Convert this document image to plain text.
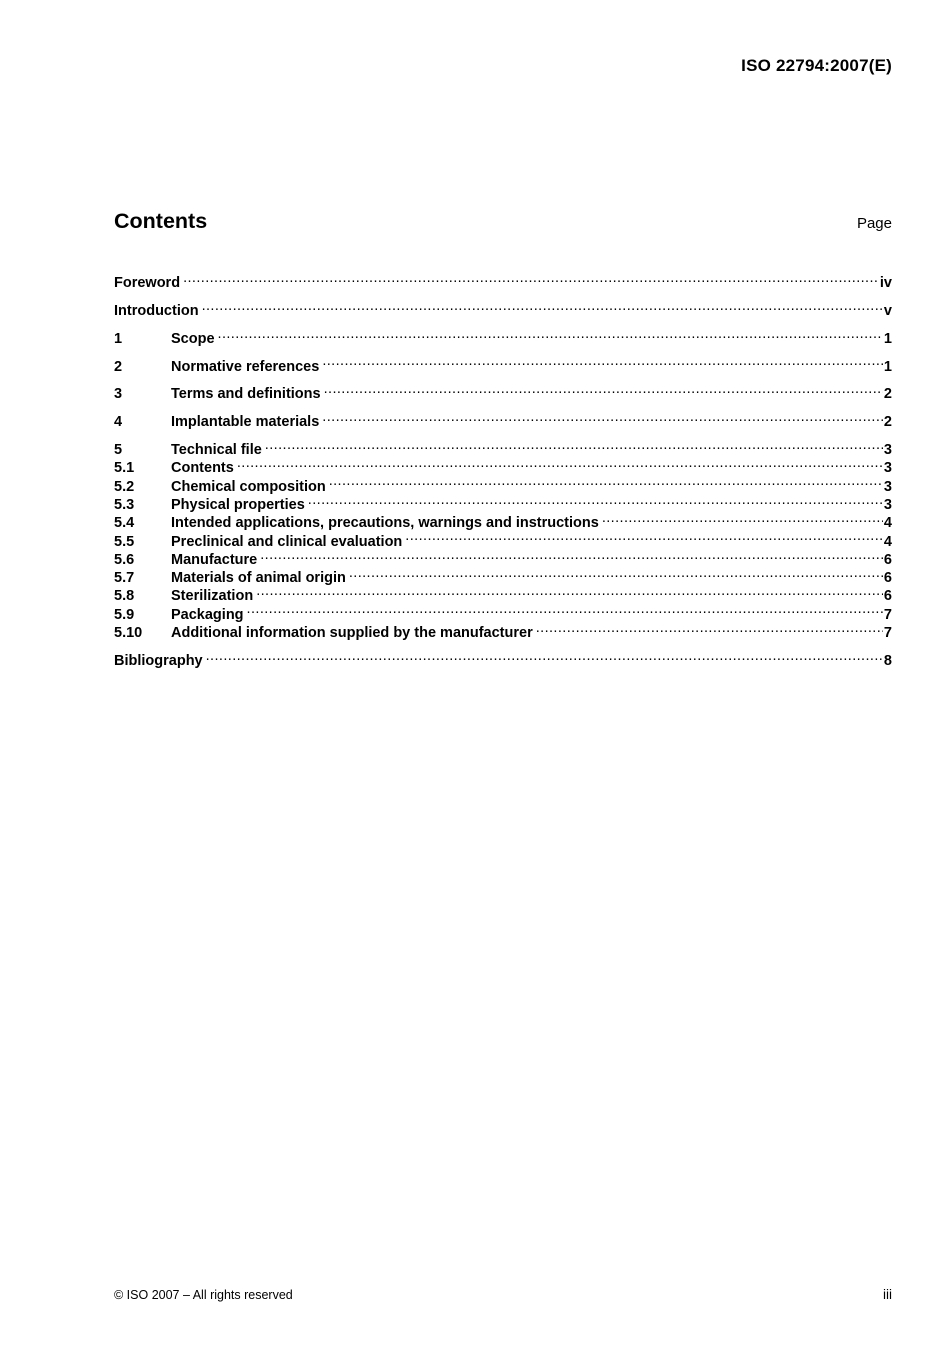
ISO 22794:2007(E)
Contents	Page
Foreword .....	iv
Introduction .....	v
1	Scope .....	1
2	Normative references .....	1
3	Terms and definitions .....	2
4	Implantable materials .....	2
5	Technical file .....	3
5.1	Contents .....	3
5.2	Chemical composition .....	3
5.3	Physical properties .....	3
5.4	Intended applications, precautions, warnings and instructions .....	4
5.5	Preclinical and clinical evaluation .....	4
5.6	Manufacture .....	6
5.7	Materials of animal origin .....	6
5.8	Sterilization .....	6
5.9	Packaging .....	7
5.10	Additional information supplied by the manufacturer .....	7
Bibliography .....	8
© ISO 2007 – All rights reserved	iii
